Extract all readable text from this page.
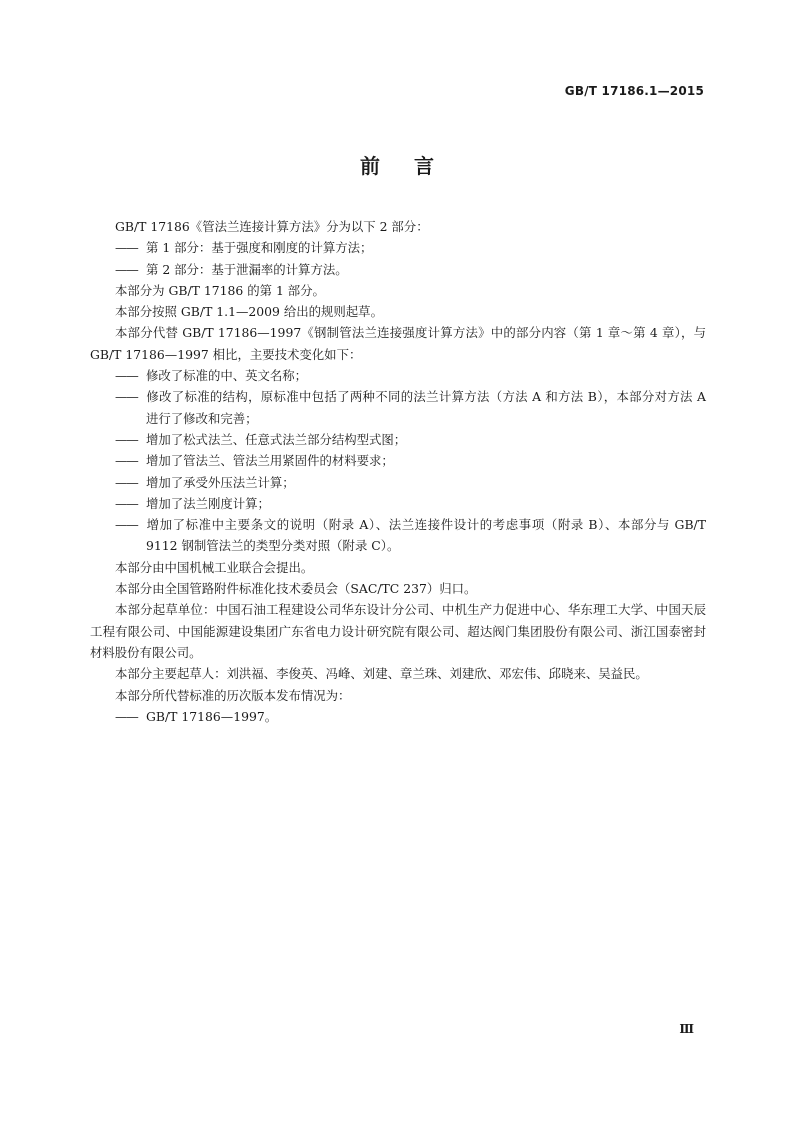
GB/T 17186.1—2015
前言

GB/T 17186《管法兰连接计算方法》分为以下 2 部分：

—— 第 1 部分：基于强度和刚度的计算方法；

—— 第 2 部分：基于泄漏率的计算方法。

本部分为 GB/T 17186 的第 1 部分。

本部分按照 GB/T 1.1—2009 给出的规则起草。

本部分代替 GB/T 17186—1997《钢制管法兰连接强度计算方法》中的部分内容（第 1 章～第 4 章），与 GB/T 17186—1997 相比，主要技术变化如下：

—— 修改了标准的中、英文名称；

—— 修改了标准的结构，原标准中包括了两种不同的法兰计算方法（方法 A 和方法 B），本部分对方法 A 进行了修改和完善；

—— 增加了松式法兰、任意式法兰部分结构型式图；

—— 增加了管法兰、管法兰用紧固件的材料要求；

—— 增加了承受外压法兰计算；

—— 增加了法兰刚度计算；

—— 增加了标准中主要条文的说明（附录 A）、法兰连接件设计的考虑事项（附录 B）、本部分与 GB/T 9112 钢制管法兰的类型分类对照（附录 C）。

本部分由中国机械工业联合会提出。

本部分由全国管路附件标准化技术委员会（SAC/TC 237）归口。

本部分起草单位：中国石油工程建设公司华东设计分公司、中机生产力促进中心、华东理工大学、中国天辰工程有限公司、中国能源建设集团广东省电力设计研究院有限公司、超达阀门集团股份有限公司、浙江国泰密封材料股份有限公司。

本部分主要起草人：刘洪福、李俊英、冯峰、刘建、章兰珠、刘建欣、邓宏伟、邱晓来、吴益民。

本部分所代替标准的历次版本发布情况为：

—— GB/T 17186—1997。

Ⅲ
